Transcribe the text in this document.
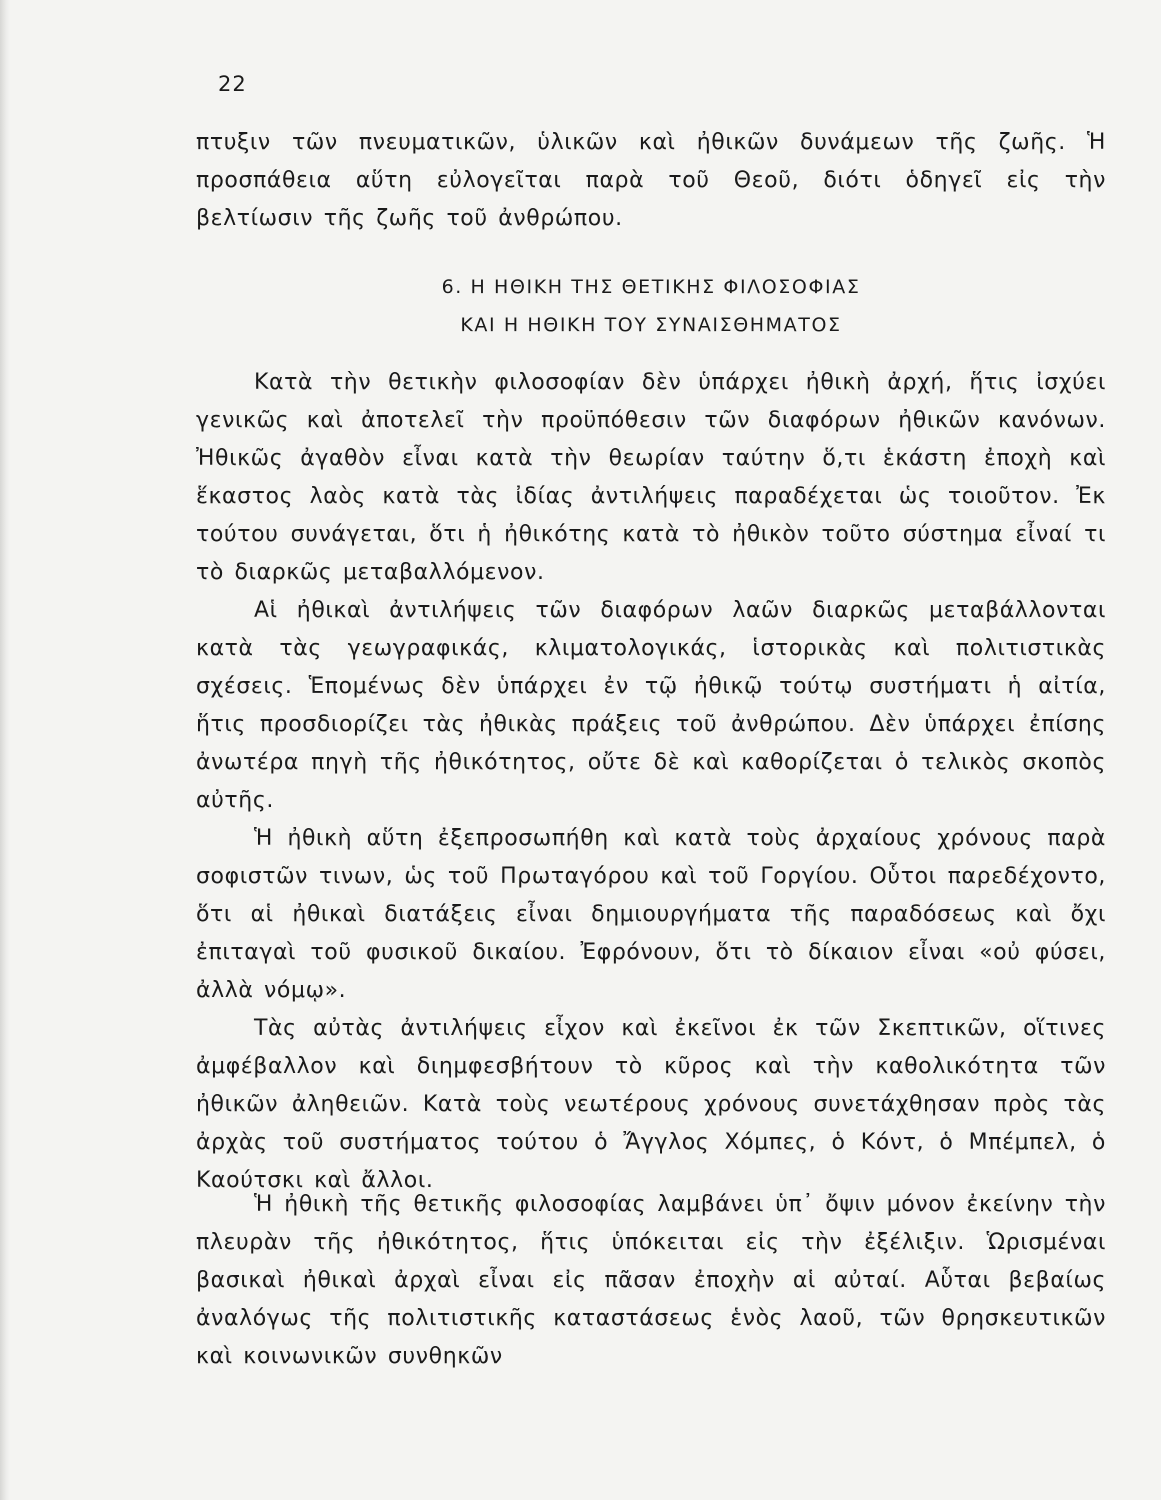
22

πτυξιν τῶν πνευματικῶν, ὑλικῶν καὶ ἠθικῶν δυνάμεων τῆς ζωῆς. Ἡ προσπάθεια αὕτη εὐλογεῖται παρὰ τοῦ Θεοῦ, διότι ὁδηγεῖ εἰς τὴν βελτίωσιν τῆς ζωῆς τοῦ ἀνθρώπου.

6. Η ΗΘΙΚΗ ΤΗΣ ΘΕΤΙΚΗΣ ΦΙΛΟΣΟΦΙΑΣ
ΚΑΙ Η ΗΘΙΚΗ ΤΟΥ ΣΥΝΑΙΣΘΗΜΑΤΟΣ

Κατὰ τὴν θετικὴν φιλοσοφίαν δὲν ὑπάρχει ἠθικὴ ἀρχή, ἥτις ἰσχύει γενικῶς καὶ ἀποτελεῖ τὴν προϋπόθεσιν τῶν διαφόρων ἠθικῶν κανόνων. Ἠθικῶς ἀγαθὸν εἶναι κατὰ τὴν θεωρίαν ταύτην ὅ,τι ἑκάστη ἐποχὴ καὶ ἕκαστος λαὸς κατὰ τὰς ἰδίας ἀντιλήψεις παραδέχεται ὡς τοιοῦτον. Ἐκ τούτου συνάγεται, ὅτι ἡ ἠθικότης κατὰ τὸ ἠθικὸν τοῦτο σύστημα εἶναί τι τὸ διαρκῶς μεταβαλλόμενον.

Αἱ ἠθικαὶ ἀντιλήψεις τῶν διαφόρων λαῶν διαρκῶς μεταβάλλονται κατὰ τὰς γεωγραφικάς, κλιματολογικάς, ἱστορικὰς καὶ πολιτιστικὰς σχέσεις. Ἑπομένως δὲν ὑπάρχει ἐν τῷ ἠθικῷ τούτῳ συστήματι ἡ αἰτία, ἥτις προσδιορίζει τὰς ἠθικὰς πράξεις τοῦ ἀνθρώπου. Δὲν ὑπάρχει ἐπίσης ἀνωτέρα πηγὴ τῆς ἠθικότητος, οὔτε δὲ καὶ καθορίζεται ὁ τελικὸς σκοπὸς αὐτῆς.

Ἡ ἠθικὴ αὕτη ἐξεπροσωπήθη καὶ κατὰ τοὺς ἀρχαίους χρόνους παρὰ σοφιστῶν τινων, ὡς τοῦ Πρωταγόρου καὶ τοῦ Γοργίου. Οὗτοι παρεδέχοντο, ὅτι αἱ ἠθικαὶ διατάξεις εἶναι δημιουργήματα τῆς παραδόσεως καὶ ὄχι ἐπιταγαὶ τοῦ φυσικοῦ δικαίου. Ἐφρόνουν, ὅτι τὸ δίκαιον εἶναι «οὐ φύσει, ἀλλὰ νόμῳ».

Τὰς αὐτὰς ἀντιλήψεις εἶχον καὶ ἐκεῖνοι ἐκ τῶν Σκεπτικῶν, οἵτινες ἀμφέβαλλον καὶ διημφεσβήτουν τὸ κῦρος καὶ τὴν καθολικότητα τῶν ἠθικῶν ἀληθειῶν. Κατὰ τοὺς νεωτέρους χρόνους συνετάχθησαν πρὸς τὰς ἀρχὰς τοῦ συστήματος τούτου ὁ Ἄγγλος Χόμπες, ὁ Κόντ, ὁ Μπέμπελ, ὁ Καούτσκι καὶ ἄλλοι.

Ἡ ἠθικὴ τῆς θετικῆς φιλοσοφίας λαμβάνει ὑπ᾽ ὄψιν μόνον ἐκείνην τὴν πλευρὰν τῆς ἠθικότητος, ἥτις ὑπόκειται εἰς τὴν ἐξέλιξιν. Ὡρισμέναι βασικαὶ ἠθικαὶ ἀρχαὶ εἶναι εἰς πᾶσαν ἐποχὴν αἱ αὐταί. Αὗται βεβαίως ἀναλόγως τῆς πολιτιστικῆς καταστάσεως ἑνὸς λαοῦ, τῶν θρησκευτικῶν καὶ κοινωνικῶν συνθηκῶν
